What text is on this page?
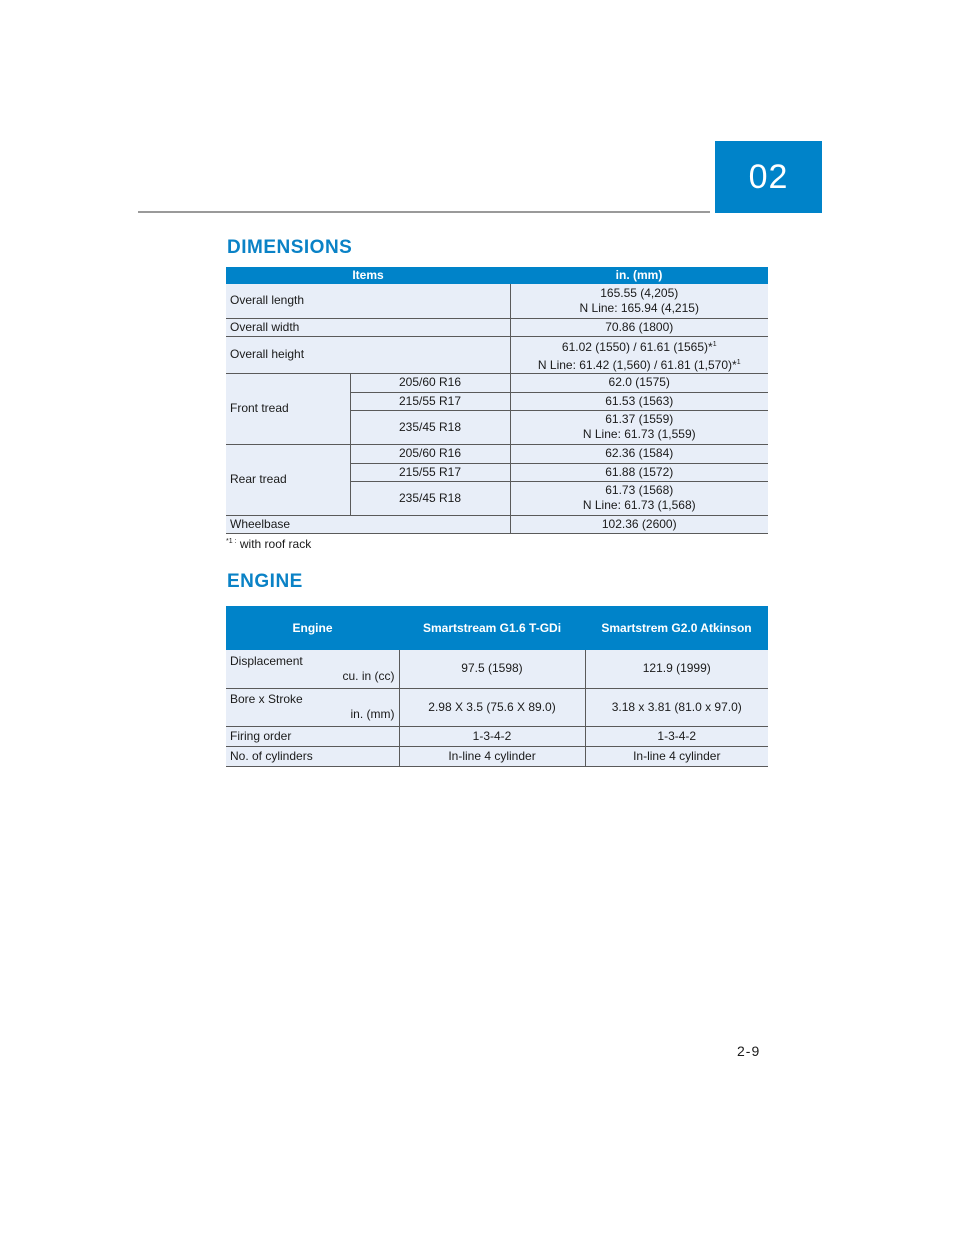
02
DIMENSIONS
Items		in. (mm)
Overall length		165.55 (4,205)
N Line: 165.94 (4,215)
Overall width		70.86 (1800)
Overall height		61.02 (1550) / 61.61 (1565)*$^1$
N Line: 61.42 (1,560) / 61.81 (1,570)*$^1$
Front tread	205/60 R16	62.0 (1575)
	215/55 R17	61.53 (1563)
	235/45 R18	61.37 (1559)
N Line: 61.73 (1,559)
Rear tread	205/60 R16	62.36 (1584)
	215/55 R17	61.88 (1572)
	235/45 R18	61.73 (1568)
N Line: 61.73 (1,568)
Wheelbase		102.36 (2600)
$^{*1 :}$ with roof rack
ENGINE
Engine	Smartstream G1.6 T-GDi	Smartstrem G2.0 Atkinson
Displacement
cu. in (cc)	97.5 (1598)	121.9 (1999)
Bore x Stroke
in. (mm)	2.98 X 3.5 (75.6 X 89.0)	3.18 x 3.81 (81.0 x 97.0)
Firing order	1-3-4-2	1-3-4-2
No. of cylinders	In-line 4 cylinder	In-line 4 cylinder
2-9
